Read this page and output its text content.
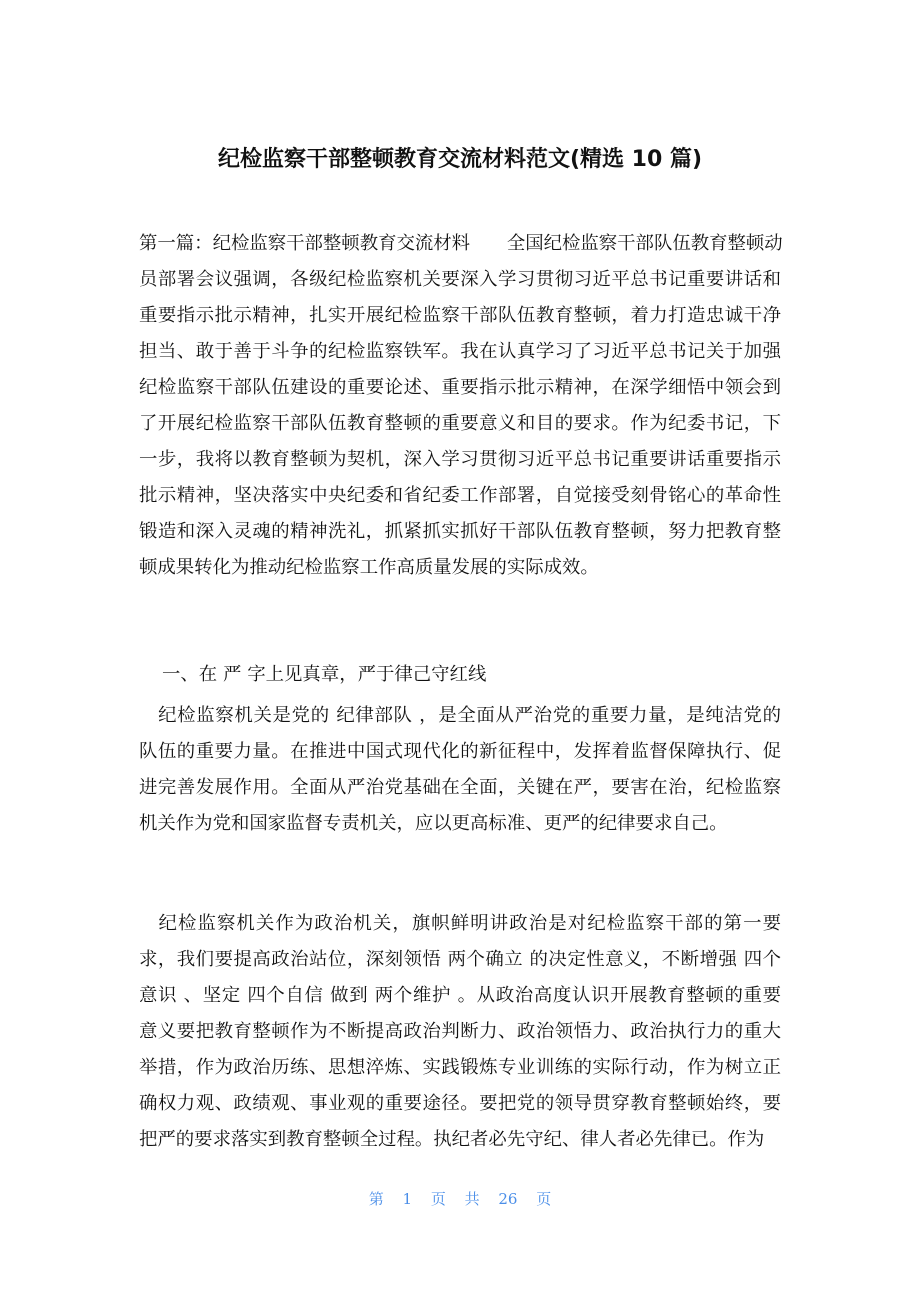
纪检监察干部整顿教育交流材料范文(精选 10 篇)
第一篇：纪检监察干部整顿教育交流材料　　全国纪检监察干部队伍教育整顿动
员部署会议强调，各级纪检监察机关要深入学习贯彻习近平总书记重要讲话和
重要指示批示精神，扎实开展纪检监察干部队伍教育整顿，着力打造忠诚干净
担当、敢于善于斗争的纪检监察铁军。我在认真学习了习近平总书记关于加强
纪检监察干部队伍建设的重要论述、重要指示批示精神，在深学细悟中领会到
了开展纪检监察干部队伍教育整顿的重要意义和目的要求。作为纪委书记，下
一步，我将以教育整顿为契机，深入学习贯彻习近平总书记重要讲话重要指示
批示精神，坚决落实中央纪委和省纪委工作部署，自觉接受刻骨铭心的革命性
锻造和深入灵魂的精神洗礼，抓紧抓实抓好干部队伍教育整顿，努力把教育整
顿成果转化为推动纪检监察工作高质量发展的实际成效。
一、在 严 字上见真章，严于律己守红线
　纪检监察机关是党的 纪律部队 ，是全面从严治党的重要力量，是纯洁党的
队伍的重要力量。在推进中国式现代化的新征程中，发挥着监督保障执行、促
进完善发展作用。全面从严治党基础在全面，关键在严，要害在治，纪检监察
机关作为党和国家监督专责机关，应以更高标准、更严的纪律要求自己。
　纪检监察机关作为政治机关，旗帜鲜明讲政治是对纪检监察干部的第一要
求，我们要提高政治站位，深刻领悟 两个确立 的决定性意义，不断增强 四个
意识 、坚定 四个自信 做到 两个维护 。从政治高度认识开展教育整顿的重要
意义要把教育整顿作为不断提高政治判断力、政治领悟力、政治执行力的重大
举措，作为政治历练、思想淬炼、实践锻炼专业训练的实际行动，作为树立正
确权力观、政绩观、事业观的重要途径。要把党的领导贯穿教育整顿始终，要
把严的要求落实到教育整顿全过程。执纪者必先守纪、律人者必先律已。作为
第 1 页 共 26 页
